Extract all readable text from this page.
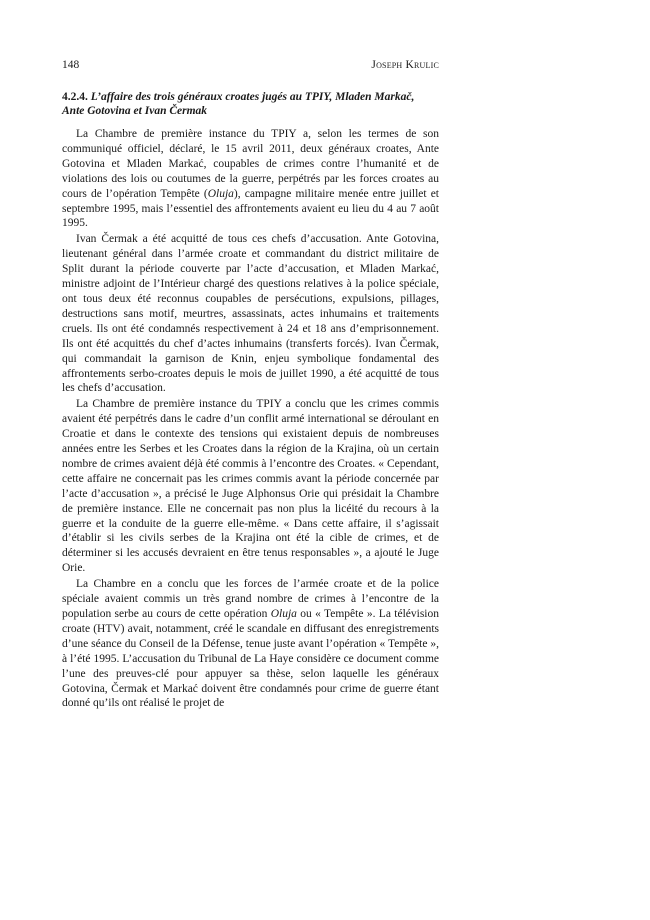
148	Joseph Krulic
4.2.4. L’affaire des trois généraux croates jugés au TPIY, Mladen Markač, Ante Gotovina et Ivan Čermak

La Chambre de première instance du TPIY a, selon les termes de son communiqué officiel, déclaré, le 15 avril 2011, deux généraux croates, Ante Gotovina et Mladen Markać, coupables de crimes contre l’humanité et de violations des lois ou coutumes de la guerre, perpétrés par les forces croates au cours de l’opération Tempête (Oluja), campagne militaire menée entre juillet et septembre 1995, mais l’essentiel des affrontements avaient eu lieu du 4 au 7 août 1995.

Ivan Čermak a été acquitté de tous ces chefs d’accusation. Ante Gotovina, lieutenant général dans l’armée croate et commandant du district militaire de Split durant la période couverte par l’acte d’accusation, et Mladen Markać, ministre adjoint de l’Intérieur chargé des questions relatives à la police spéciale, ont tous deux été reconnus coupables de persécutions, expulsions, pillages, destructions sans motif, meurtres, assassinats, actes inhumains et traitements cruels. Ils ont été condamnés respectivement à 24 et 18 ans d’emprisonnement. Ils ont été acquittés du chef d’actes inhumains (transferts forcés). Ivan Čermak, qui commandait la garnison de Knin, enjeu symbolique fondamental des affrontements serbo-croates depuis le mois de juillet 1990, a été acquitté de tous les chefs d’accusation.

La Chambre de première instance du TPIY a conclu que les crimes commis avaient été perpétrés dans le cadre d’un conflit armé international se déroulant en Croatie et dans le contexte des tensions qui existaient depuis de nombreuses années entre les Serbes et les Croates dans la région de la Krajina, où un certain nombre de crimes avaient déjà été commis à l’encontre des Croates. « Cependant, cette affaire ne concernait pas les crimes commis avant la période concernée par l’acte d’accusation », a précisé le Juge Alphonsus Orie qui présidait la Chambre de première instance. Elle ne concernait pas non plus la licéité du recours à la guerre et la conduite de la guerre elle-même. « Dans cette affaire, il s’agissait d’établir si les civils serbes de la Krajina ont été la cible de crimes, et de déterminer si les accusés devraient en être tenus responsables », a ajouté le Juge Orie.

La Chambre en a conclu que les forces de l’armée croate et de la police spéciale avaient commis un très grand nombre de crimes à l’encontre de la population serbe au cours de cette opération Oluja ou « Tempête ». La télévision croate (HTV) avait, notamment, créé le scandale en diffusant des enregistrements d’une séance du Conseil de la Défense, tenue juste avant l’opération « Tempête », à l’été 1995. L’accusation du Tribunal de La Haye considère ce document comme l’une des preuves-clé pour appuyer sa thèse, selon laquelle les généraux Gotovina, Čermak et Markać doivent être condamnés pour crime de guerre étant donné qu’ils ont réalisé le projet de
